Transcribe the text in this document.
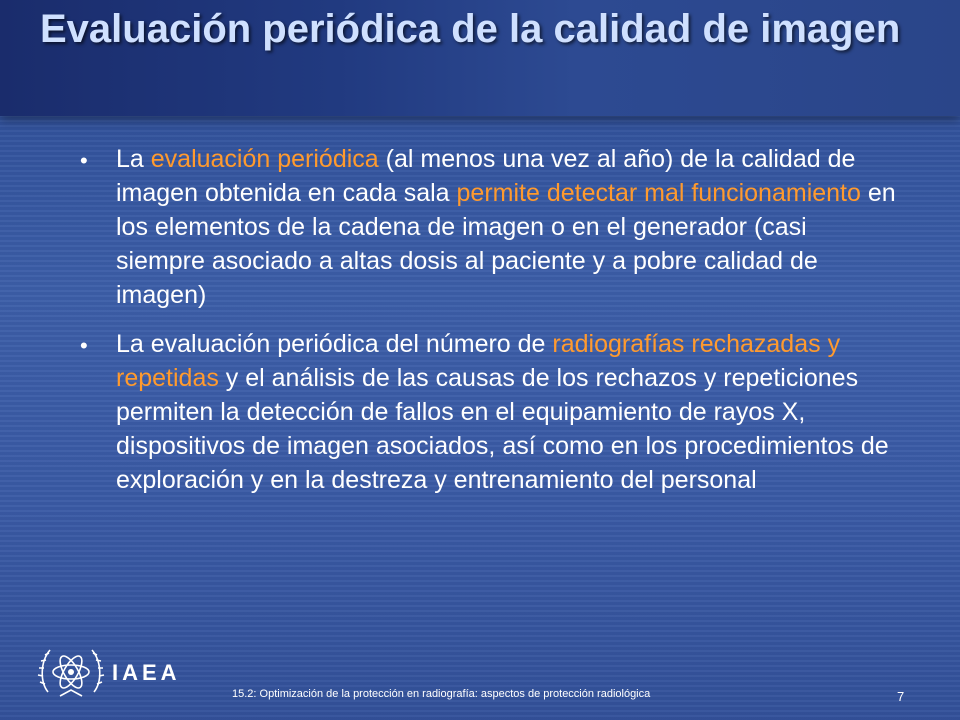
Evaluación periódica de la calidad de imagen
• La evaluación periódica (al menos una vez al año) de la calidad de imagen obtenida en cada sala permite detectar mal funcionamiento en los elementos de la cadena de imagen o en el generador (casi siempre asociado a altas dosis al paciente y a pobre calidad de imagen)
• La evaluación periódica del número de radiografías rechazadas y repetidas y el análisis de las causas de los rechazos y repeticiones permiten la detección de fallos en el equipamiento de rayos X, dispositivos de imagen asociados, así como en los procedimientos de exploración y en la destreza y entrenamiento del personal
IAEA
15.2: Optimización de la protección en radiografía: aspectos de protección radiológica	7
